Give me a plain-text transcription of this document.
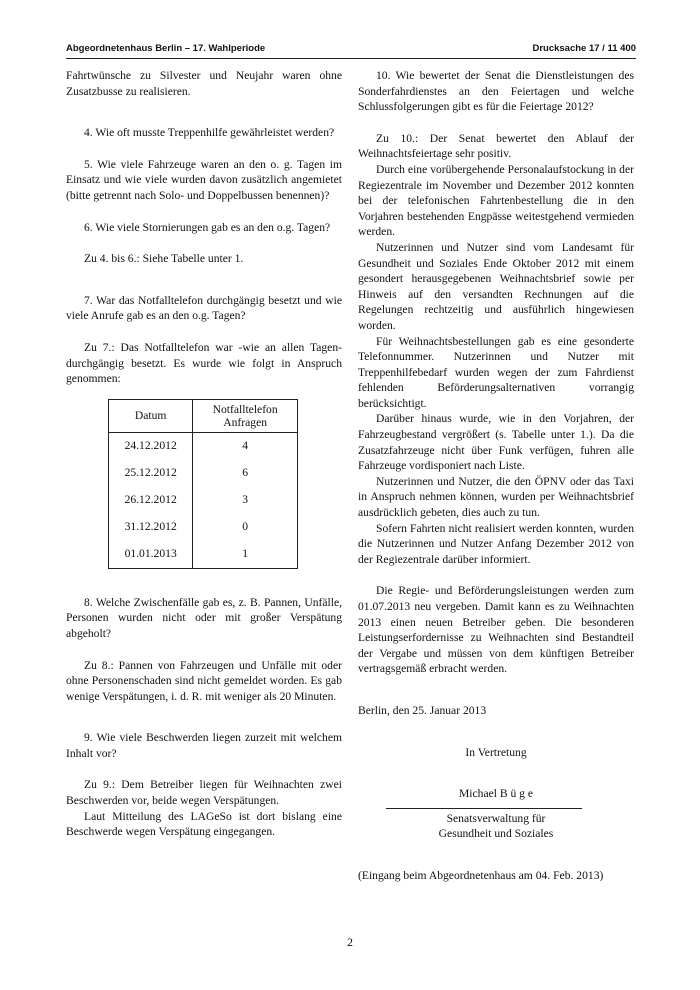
Abgeordnetenhaus Berlin – 17. Wahlperiode	Drucksache 17 / 11 400

Fahrtwünsche zu Silvester und Neujahr waren ohne Zusatzbusse zu realisieren.

4. Wie oft musste Treppenhilfe gewährleistet werden?

5. Wie viele Fahrzeuge waren an den o. g. Tagen im Einsatz und wie viele wurden davon zusätzlich angemietet (bitte getrennt nach Solo- und Doppelbussen benennen)?

6. Wie viele Stornierungen gab es an den o.g. Tagen?

Zu 4. bis 6.: Siehe Tabelle unter 1.

7. War das Notfalltelefon durchgängig besetzt und wie viele Anrufe gab es an den o.g. Tagen?

Zu 7.: Das Notfalltelefon war -wie an allen Tagen- durchgängig besetzt. Es wurde wie folgt in Anspruch genommen:

Datum	Notfalltelefon
Anfragen
24.12.2012	4
25.12.2012	6
26.12.2012	3
31.12.2012	0
01.01.2013	1

8. Welche Zwischenfälle gab es, z. B. Pannen, Unfälle, Personen wurden nicht oder mit großer Verspätung abgeholt?

Zu 8.: Pannen von Fahrzeugen und Unfälle mit oder ohne Personenschaden sind nicht gemeldet worden. Es gab wenige Verspätungen, i. d. R. mit weniger als 20 Minuten.

9. Wie viele Beschwerden liegen zurzeit mit welchem Inhalt vor?

Zu 9.: Dem Betreiber liegen für Weihnachten zwei Beschwerden vor, beide wegen Verspätungen.

Laut Mitteilung des LAGeSo ist dort bislang eine Beschwerde wegen Verspätung eingegangen.

10. Wie bewertet der Senat die Dienstleistungen des Sonderfahrdienstes an den Feiertagen und welche Schlussfolgerungen gibt es für die Feiertage 2012?

Zu 10.: Der Senat bewertet den Ablauf der Weihnachtsfeiertage sehr positiv.

Durch eine vorübergehende Personalaufstockung in der Regiezentrale im November und Dezember 2012 konnten bei der telefonischen Fahrtenbestellung die in den Vorjahren bestehenden Engpässe weitestgehend vermieden werden.

Nutzerinnen und Nutzer sind vom Landesamt für Gesundheit und Soziales Ende Oktober 2012 mit einem gesondert herausgegebenen Weihnachtsbrief sowie per Hinweis auf den versandten Rechnungen auf die Regelungen rechtzeitig und ausführlich hingewiesen worden.

Für Weihnachtsbestellungen gab es eine gesonderte Telefonnummer. Nutzerinnen und Nutzer mit Treppenhilfebedarf wurden wegen der zum Fahrdienst fehlenden Beförderungsalternativen vorrangig berücksichtigt.

Darüber hinaus wurde, wie in den Vorjahren, der Fahrzeugbestand vergrößert (s. Tabelle unter 1.). Da die Zusatzfahrzeuge nicht über Funk verfügen, fuhren alle Fahrzeuge vordisponiert nach Liste.

Nutzerinnen und Nutzer, die den ÖPNV oder das Taxi in Anspruch nehmen können, wurden per Weihnachtsbrief ausdrücklich gebeten, dies auch zu tun.

Sofern Fahrten nicht realisiert werden konnten, wurden die Nutzerinnen und Nutzer Anfang Dezember 2012 von der Regiezentrale darüber informiert.

Die Regie- und Beförderungsleistungen werden zum 01.07.2013 neu vergeben. Damit kann es zu Weihnachten 2013 einen neuen Betreiber geben. Die besonderen Leistungserfordernisse zu Weihnachten sind Bestandteil der Vergabe und müssen von dem künftigen Betreiber vertragsgemäß erbracht werden.

Berlin, den 25. Januar 2013

In Vertretung

Michael B ü g e

Senatsverwaltung für

Gesundheit und Soziales

(Eingang beim Abgeordnetenhaus am 04. Feb. 2013)

2
